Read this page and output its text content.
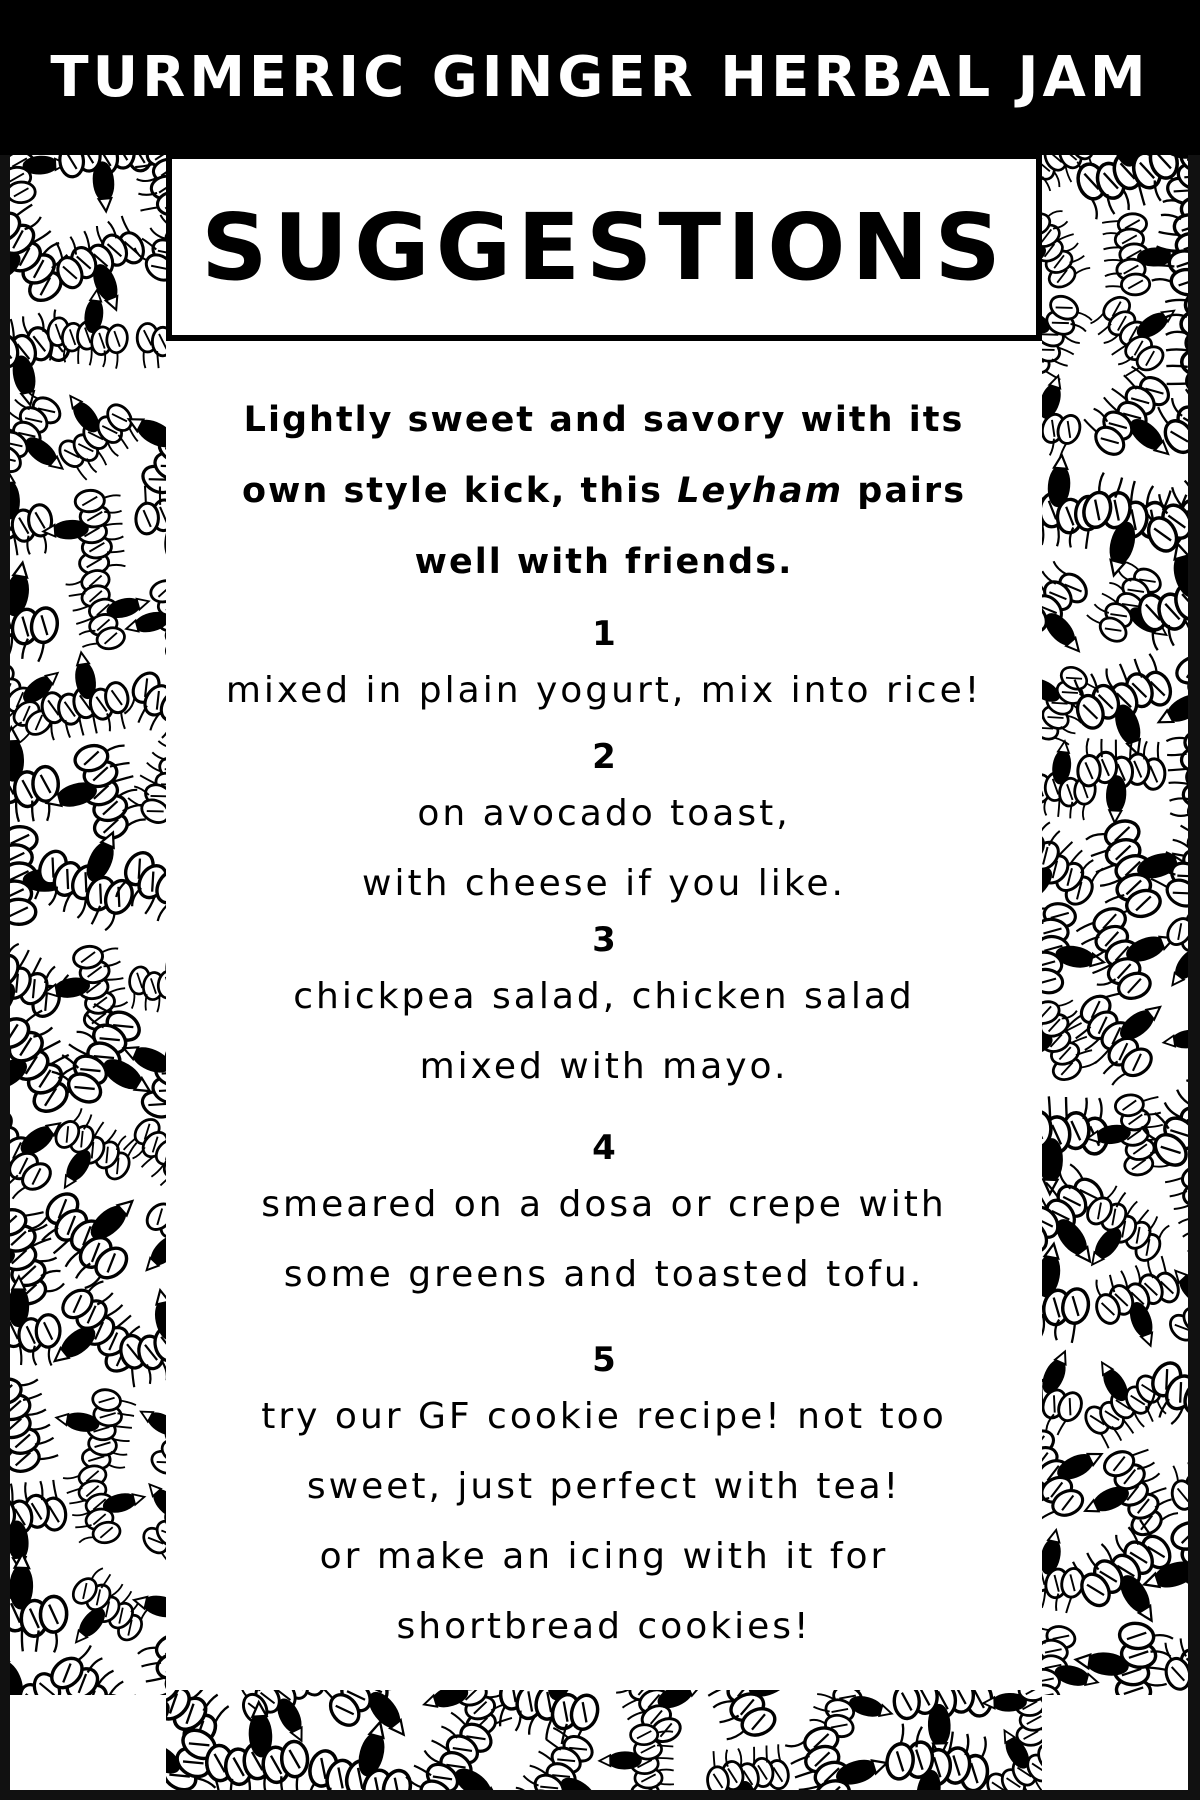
TURMERIC GINGER HERBAL JAM
SUGGESTIONS
Lightly sweet and savory with its
own style kick, this Leyham pairs
well with friends.
1
mixed in plain yogurt, mix into rice!
2
on avocado toast,
with cheese if you like.
3
chickpea salad, chicken salad
mixed with mayo.
4
smeared on a dosa or crepe with
some greens and toasted tofu.
5
try our GF cookie recipe! not too
sweet, just perfect with tea!
or make an icing with it for
shortbread cookies!
